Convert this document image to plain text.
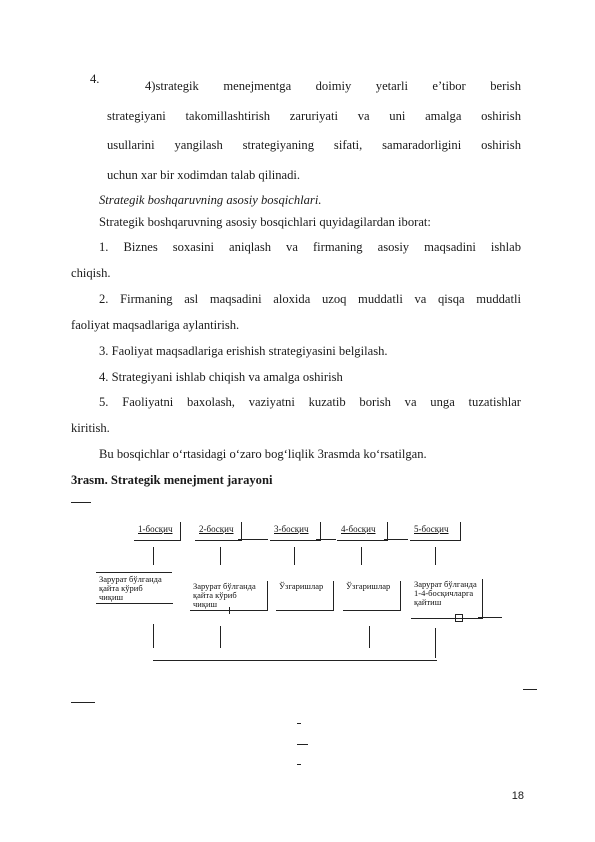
4.	4)strategik menejmentga doimiy yetarli e’tibor berish
strategiyani takomillashtirish zaruriyati va uni amalga oshirish
usullarini yangilash strategiyaning sifati, samaradorligini oshirish
uchun xar bir xodimdan talab qilinadi.
Strategik boshqaruvning asosiy bosqichlari.
Strategik boshqaruvning asosiy bosqichlari quyidagilardan iborat:
1. Biznes soxasini aniqlash va firmaning asosiy maqsadini ishlab
chiqish.
2. Firmaning asl maqsadini aloxida uzoq muddatli va qisqa muddatli
faoliyat maqsadlariga aylantirish.
3. Faoliyat maqsadlariga erishish strategiyasini belgilash.
4. Strategiyani ishlab chiqish va amalga oshirish
5. Faoliyatni baxolash, vaziyatni kuzatib borish va unga tuzatishlar
kiritish.
Bu bosqichlar o‘rtasidagi o‘zaro bog‘liqlik 3rasmda ko‘rsatilgan.
3rasm. Strategik menejment jarayoni
1-босқич	2-босқич	3-босқич	4-босқич	5-босқич
Зарурат бўлганда
қайта кўриб
чиқиш
Зарурат бўлганда
қайта кўриб
чиқиш
Ўзгаришлар	Ўзгаришлар	Зарурат бўлганда
1-4-босқичларга
қайтиш
18
